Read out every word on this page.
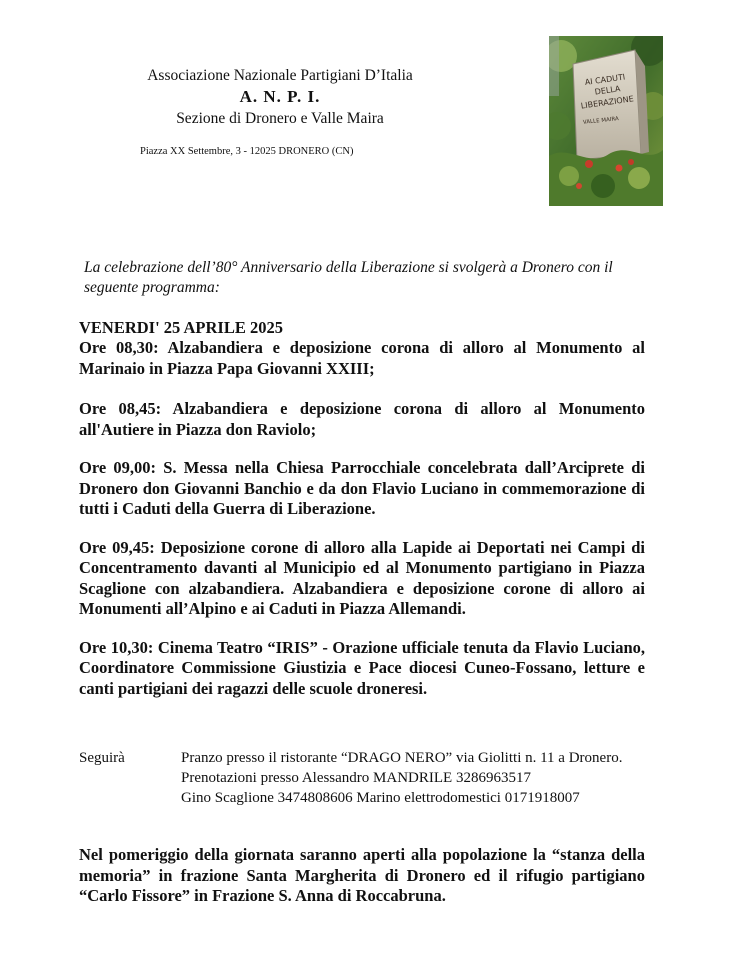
Associazione Nazionale Partigiani D’Italia
A. N. P. I.
Sezione di Dronero e Valle Maira
Piazza XX Settembre, 3 - 12025 DRONERO (CN)
AI CADUTI
DELLA
LIBERAZIONE
VALLE MAIRA
La celebrazione dell’80° Anniversario della Liberazione si svolgerà a Dronero con il seguente programma:
VENERDI' 25 APRILE 2025

Ore 08,30: Alzabandiera e deposizione corona di alloro al Monumento al Marinaio in Piazza Papa Giovanni XXIII;

Ore 08,45: Alzabandiera e deposizione corona di alloro al Monumento all'Autiere in Piazza don Raviolo;

Ore 09,00: S. Messa nella Chiesa Parrocchiale concelebrata dall’Arciprete di Dronero don Giovanni Banchio e da don Flavio Luciano in commemorazione di tutti i Caduti della Guerra di Liberazione.

Ore 09,45: Deposizione corone di alloro alla Lapide ai Deportati nei Campi di Concentramento davanti al Municipio ed al Monumento partigiano in Piazza Scaglione con alzabandiera. Alzabandiera e deposizione corone di alloro ai Monumenti all’Alpino e ai Caduti in Piazza Allemandi.

Ore 10,30: Cinema Teatro “IRIS” - Orazione ufficiale tenuta da Flavio Luciano, Coordinatore Commissione Giustizia e Pace diocesi Cuneo-Fossano, letture e canti partigiani dei ragazzi delle scuole droneresi.

Seguirà	Pranzo presso il ristorante “DRAGO NERO” via Giolitti n. 11 a Dronero.
Prenotazioni presso Alessandro MANDRILE 3286963517
Gino Scaglione 3474808606 Marino elettrodomestici 0171918007
Nel pomeriggio della giornata saranno aperti alla popolazione la “stanza della memoria” in frazione Santa Margherita di Dronero ed il rifugio partigiano “Carlo Fissore” in Frazione S. Anna di Roccabruna.
